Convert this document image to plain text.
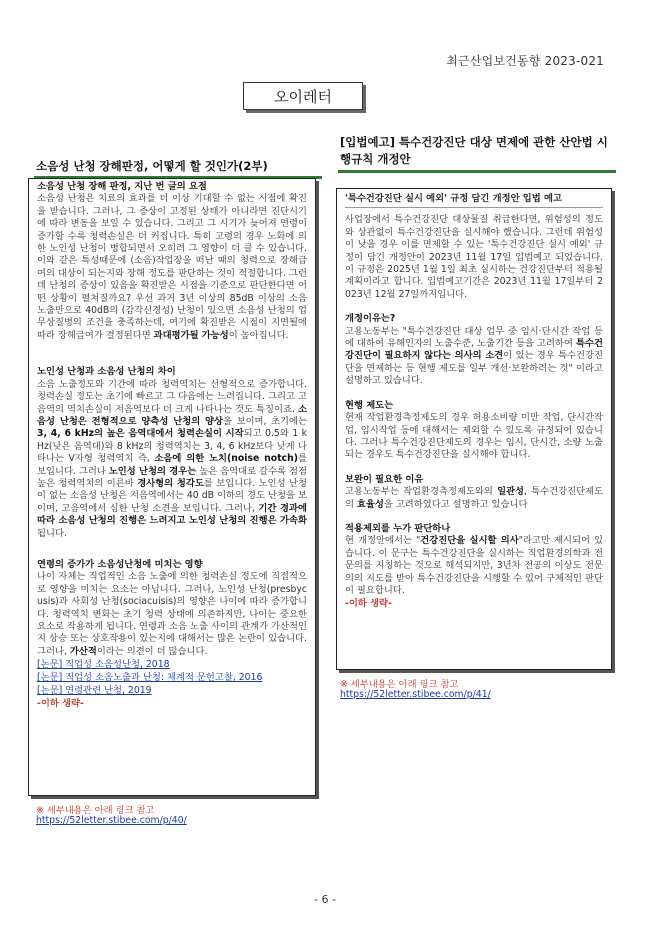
최근산업보건동향 2023-021
오이레터
소음성 난청 장해판정, 어떻게 할 것인가(2부)
소음성 난청 장해 판정, 지난 번 글의 요점

소음성 난청은 치료의 효과를 더 이상 기대할 수 없는 시점에 확진을 받습니다. 그러나, 그 증상이 고정된 상태가 아니라면 진단시기에 따라 변동을 보일 수 있습니다. 그리고 그 시기가 늦어져 연령이 증가할 수록 청력손실은 더 커집니다. 특히 고령의 경우 노화에 의한 노인성 난청이 병합되면서 오히려 그 영향이 더 클 수 있습니다. 이와 같은 특성때문에 (소음)작업장을 떠난 때의 청력으로 장해급여의 대상이 되는지와 장해 정도를 판단하는 것이 적절합니다. 그런데 난청의 증상이 있음을 확진받은 시점을 기준으로 판단한다면 어떤 상황이 펼쳐질까요? 우선 과거 3년 이상의 85dB 이상의 소음 노출만으로 40dB의 (감각신경성) 난청이 있으면 소음성 난청의 업무상질병의 조건을 충족하는데, 여기에 확진받은 시점이 지연될에 따라 장해급여가 결정된다면 과대평가될 가능성이 높아집니다.

노인성 난청과 소음성 난청의 차이

소음 노출정도와 기간에 따라 청력역치는 선형적으로 증가합니다. 청력손실 정도는 초기에 빠르고 그 다음에는 느려집니다. 그리고 고음역의 역치손실이 저음역보다 더 크게 나타나는 것도 특징이죠. 소음성 난청은 전형적으로 양측성 난청의 양상을 보이며, 초기에는 3, 4, 6 kHz의 높은 음역대에서 청력손실이 시작되고 0.5와 1 kHz(낮은 음역대)와 8 kHz의 청력역치는 3, 4, 6 kHz보다 낮게 나타나는 V자형 청력역치 즉, 소음에 의한 노치(noise notch)를 보입니다. 그러나 노인성 난청의 경우는 높은 음역대로 갈수록 점점 높은 청력역치의 이른바 경사형의 청각도를 보입니다. 노인성 난청이 없는 소음성 난청은 저음역에서는 40 dB 이하의 경도 난청을 보이며, 고음역에서 심한 난청 소견을 보입니다. 그러나, 기간 경과에 따라 소음성 난청의 진행은 느려지고 노인성 난청의 진행은 가속화됩니다.

연령의 증가가 소음성난청에 미치는 영향

나이 자체는 직업적인 소음 노출에 의한 청력손실 정도에 직접적으로 영향을 미치는 요소는 아닙니다. 그러나, 노인성 난청(presbycusis)과 사회성 난청(sociacuisis)의 영향은 나이에 따라 증가합니다. 청력역치 변화는 초기 청력 상태에 의존하지만, 나이는 중요한 요소로 작용하게 됩니다. 연령과 소음 노출 사이의 관계가 가산적인지 상승 또는 상호작용이 있는지에 대해서는 많은 논란이 있습니다. 그러나, 가산적이라는 의견이 더 많습니다.

[논문] 직업성 소음성난청, 2018
[논문] 직업성 소음노출과 난청: 체계적 문헌고찰, 2016
[논문] 연령관련 난청, 2019
-이하 생략-
※ 세부내용은 아래 링크 참고
https://52letter.stibee.com/p/40/
[입법예고] 특수건강진단 대상 면제에 관한 산안법 시행규칙 개정안
'특수건강진단 실시 예외' 규정 담긴 개정안 입법 예고

사업장에서 특수건강진단 대상물질 취급한다면, 위험성의 정도와 상관없이 특수건강진단을 실시해야 했습니다. 그런데 위험성이 낮을 경우 이를 면제할 수 있는 '특수건강진단 실시 예외' 규정이 담긴 개정안이 2023년 11월 17일 입법예고 되었습니다. 이 규정은 2025년 1월 1일 최초 실시하는 건강진단부터 적용될 계획이라고 합니다. 입법예고기간은 2023년 11월 17일부터 2023년 12월 27일까지입니다.

개정이유는?

고용노동부는 "특수건강진단 대상 업무 중 임시·단시간 작업 등에 대하여 유해인자의 노출수준, 노출기간 등을 고려하여 특수건강진단이 필요하지 않다는 의사의 소견이 있는 경우 특수건강진단을 면제하는 등 현행 제도를 일부 개선·보완하려는 것" 이라고 설명하고 있습니다.

현행 제도는

현재 작업환경측정제도의 경우 허용소비량 미만 작업, 단시간작업, 임시작업 등에 대해서는 제외할 수 있도록 규정되어 있습니다. 그러나 특수건강진단제도의 경우는 임시, 단시간, 소량 노출되는 경우도 특수건강진단을 실시해야 합니다.

보완이 필요한 이유

고용노동부는 작업환경측정제도와의 일관성, 특수건강진단제도의 효율성을 고려하였다고 설명하고 있습니다

적용제외를 누가 판단하나

현 개정안에서는 "건강진단을 실시할 의사"라고만 제시되어 있습니다. 이 문구는 특수건강진단을 실시하는 직업환경의학과 전문의를 지칭하는 것으로 해석되지만, 3년차 전공의 이상도 전문의의 지도를 받아 특수건강진단을 시행할 수 있어 구체적인 판단이 필요합니다.

-이하 생략-
※ 세부내용은 아래 링크 참고
https://52letter.stibee.com/p/41/
- 6 -
